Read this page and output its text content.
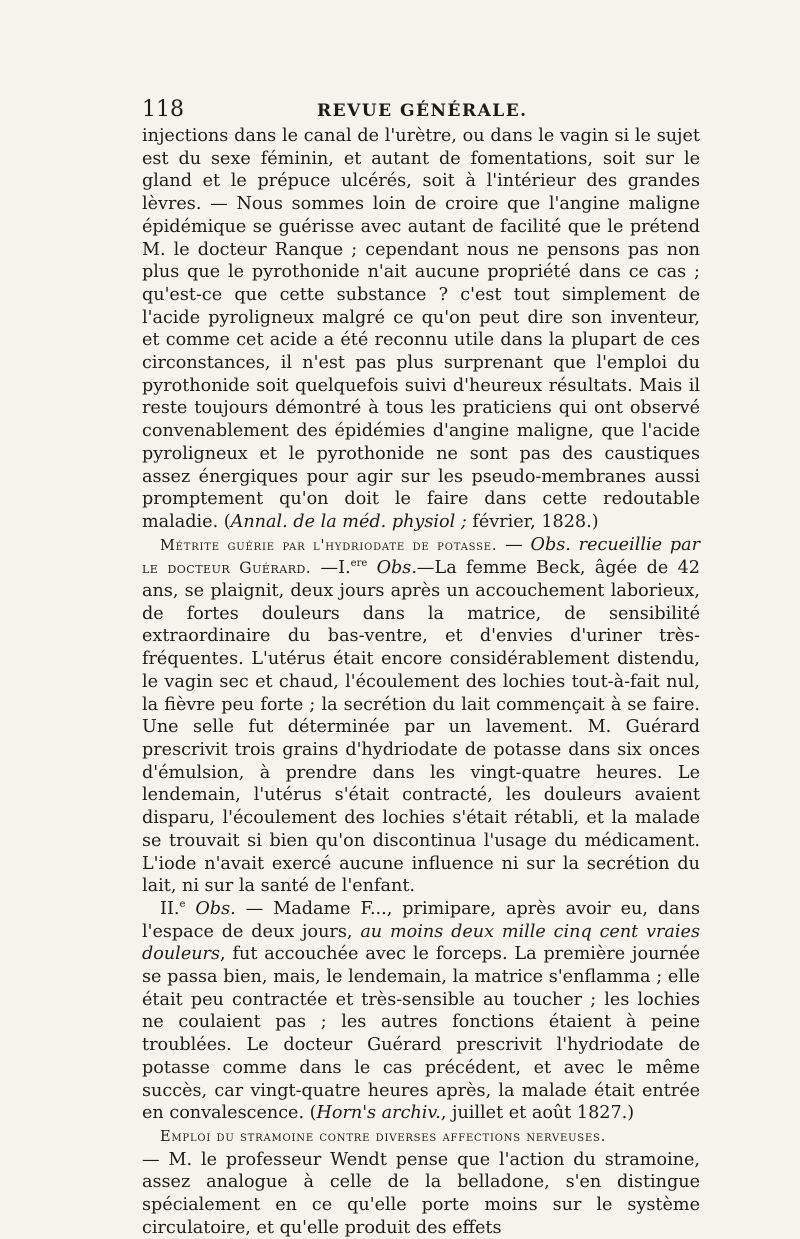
118	REVUE GÉNÉRALE.

injections dans le canal de l'urètre, ou dans le vagin si le sujet est du sexe féminin, et autant de fomentations, soit sur le gland et le prépuce ulcérés, soit à l'intérieur des grandes lèvres. — Nous sommes loin de croire que l'angine maligne épidémique se guérisse avec autant de facilité que le prétend M. le docteur Ranque ; cependant nous ne pensons pas non plus que le pyrothonide n'ait aucune propriété dans ce cas ; qu'est-ce que cette substance ? c'est tout simplement de l'acide pyroligneux malgré ce qu'on peut dire son inventeur, et comme cet acide a été reconnu utile dans la plupart de ces circonstances, il n'est pas plus surprenant que l'emploi du pyrothonide soit quelquefois suivi d'heureux résultats. Mais il reste toujours démontré à tous les praticiens qui ont observé convenablement des épidémies d'angine maligne, que l'acide pyroligneux et le pyrothonide ne sont pas des caustiques assez énergiques pour agir sur les pseudo-membranes aussi promptement qu'on doit le faire dans cette redoutable maladie. (Annal. de la méd. physiol ; février, 1828.)

Métrite guérie par l'hydriodate de potasse. — Obs. recueillie par le docteur Guérard. —I.$^{ere}$ Obs.—La femme Beck, âgée de 42 ans, se plaignit, deux jours après un accouchement laborieux, de fortes douleurs dans la matrice, de sensibilité extraordinaire du bas-ventre, et d'envies d'uriner très-fréquentes. L'utérus était encore considérablement distendu, le vagin sec et chaud, l'écoulement des lochies tout-à-fait nul, la fièvre peu forte ; la secrétion du lait commençait à se faire. Une selle fut déterminée par un lavement. M. Guérard prescrivit trois grains d'hydriodate de potasse dans six onces d'émulsion, à prendre dans les vingt-quatre heures. Le lendemain, l'utérus s'était contracté, les douleurs avaient disparu, l'écoulement des lochies s'était rétabli, et la malade se trouvait si bien qu'on discontinua l'usage du médicament. L'iode n'avait exercé aucune influence ni sur la secrétion du lait, ni sur la santé de l'enfant.

II.$^e$ Obs. — Madame F..., primipare, après avoir eu, dans l'espace de deux jours, au moins deux mille cinq cent vraies douleurs, fut accouchée avec le forceps. La première journée se passa bien, mais, le lendemain, la matrice s'enflamma ; elle était peu contractée et très-sensible au toucher ; les lochies ne coulaient pas ; les autres fonctions étaient à peine troublées. Le docteur Guérard prescrivit l'hydriodate de potasse comme dans le cas précédent, et avec le même succès, car vingt-quatre heures après, la malade était entrée en convalescence. (Horn's archiv., juillet et août 1827.)

Emploi du stramoine contre diverses affections nerveuses.

— M. le professeur Wendt pense que l'action du stramoine, assez analogue à celle de la belladone, s'en distingue spécialement en ce qu'elle porte moins sur le système circulatoire, et qu'elle produit des effets
